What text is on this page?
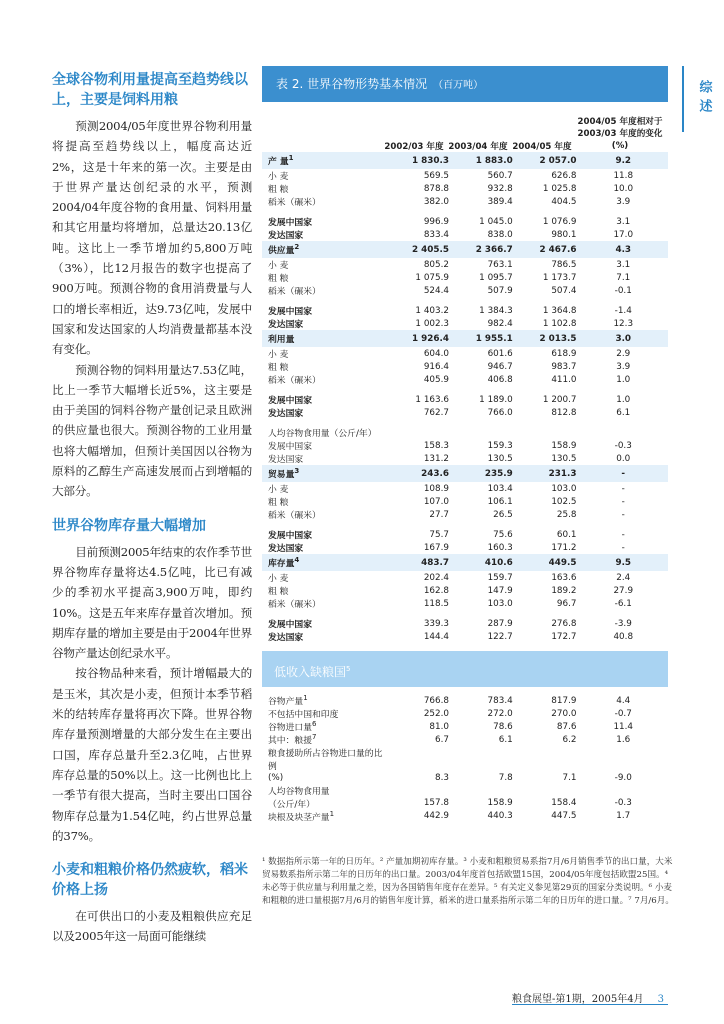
全球谷物利用量提高至趋势线以上，主要是饲料用粮

预测2004/05年度世界谷物利用量将提高至趋势线以上，幅度高达近2%，这是十年来的第一次。主要是由于世界产量达创纪录的水平，预测2004/04年度谷物的食用量、饲料用量和其它用量均将增加，总量达20.13亿吨。这比上一季节增加约5,800万吨（3%），比12月报告的数字也提高了900万吨。预测谷物的食用消费量与人口的增长率相近，达9.73亿吨，发展中国家和发达国家的人均消费量都基本没有变化。

预测谷物的饲料用量达7.53亿吨，比上一季节大幅增长近5%，这主要是由于美国的饲料谷物产量创记录且欧洲的供应量也很大。预测谷物的工业用量也将大幅增加，但预计美国因以谷物为原料的乙醇生产高速发展而占到增幅的大部分。

世界谷物库存量大幅增加

目前预测2005年结束的农作季节世界谷物库存量将达4.5亿吨，比已有减少的季初水平提高3,900万吨，即约10%。这是五年来库存量首次增加。预期库存量的增加主要是由于2004年世界谷物产量达创纪录水平。

按谷物品种来看，预计增幅最大的是玉米，其次是小麦，但预计本季节稻米的结转库存量将再次下降。世界谷物库存量预测增量的大部分发生在主要出口国，库存总量升至2.3亿吨，占世界库存总量的50%以上。这一比例也比上一季节有很大提高，当时主要出口国谷物库存总量为1.54亿吨，约占世界总量的37%。

小麦和粗粮价格仍然疲软，稻米价格上扬

在可供出口的小麦及粗粮供应充足以及2005年这一局面可能继续

综述
表 2. 世界谷物形势基本情况 （百万吨）
2002/03 年度 2003/04 年度 2004/05 年度
2004/05 年度相对于 2003/03 年度的变化 (%)
产 量$^1$	1 830.3	1 883.0	2 057.0	9.2
小 麦	569.5	560.7	626.8	11.8
粗 粮	878.8	932.8	1 025.8	10.0
稻米（碾米）	382.0	389.4	404.5	3.9

发展中国家	996.9	1 045.0	1 076.9	3.1
发达国家	833.4	838.0	980.1	17.0
供应量$^2$	2 405.5	2 366.7	2 467.6	4.3
小 麦	805.2	763.1	786.5	3.1
粗 粮	1 075.9	1 095.7	1 173.7	7.1
稻米（碾米）	524.4	507.9	507.4	-0.1

发展中国家	1 403.2	1 384.3	1 364.8	-1.4
发达国家	1 002.3	982.4	1 102.8	12.3
利用量	1 926.4	1 955.1	2 013.5	3.0
小 麦	604.0	601.6	618.9	2.9
粗 粮	916.4	946.7	983.7	3.9
稻米（碾米）	405.9	406.8	411.0	1.0

发展中国家	1 163.6	1 189.0	1 200.7	1.0
发达国家	762.7	766.0	812.8	6.1

人均谷物食用量（公斤/年）				
发展中国家	158.3	159.3	158.9	-0.3
发达国家	131.2	130.5	130.5	0.0
贸易量$^3$	243.6	235.9	231.3	-
小 麦	108.9	103.4	103.0	-
粗 粮	107.0	106.1	102.5	-
稻米（碾米）	27.7	26.5	25.8	-

发展中国家	75.7	75.6	60.1	-
发达国家	167.9	160.3	171.2	-
库存量$^4$	483.7	410.6	449.5	9.5
小 麦	202.4	159.7	163.6	2.4
粗 粮	162.8	147.9	189.2	27.9
稻米（碾米）	118.5	103.0	96.7	-6.1

发展中国家	339.3	287.9	276.8	-3.9
发达国家	144.4	122.7	172.7	40.8
低收入缺粮国$^5$

谷物产量$^1$	766.8	783.4	817.9	4.4
不包括中国和印度	252.0	272.0	270.0	-0.7
谷物进口量$^6$	81.0	78.6	87.6	11.4
其中：粮援$^7$	6.7	6.1	6.2	1.6
粮食援助所占谷物进口量的比例				
(%)	8.3	7.8	7.1	-9.0
人均谷物食用量				
（公斤/年）	157.8	158.9	158.4	-0.3
块根及块茎产量$^1$	442.9	440.3	447.5	1.7
¹ 数据指所示第一年的日历年。² 产量加期初库存量。³ 小麦和粗粮贸易系指7月/6月销售季节的出口量，大米贸易数系指所示第二年的日历年的出口量。2003/04年度首包括欧盟15国，2004/05年度包括欧盟25国。⁴ 未必等于供应量与利用量之差，因为各国销售年度存在差异。⁵ 有关定义参见第29页的国家分类说明。⁶ 小麦和粗粮的进口量根据7月/6月的销售年度计算，稻米的进口量系指所示第二年的日历年的进口量。⁷ 7月/6月。
粮食展望-第1期，2005年4月 3
